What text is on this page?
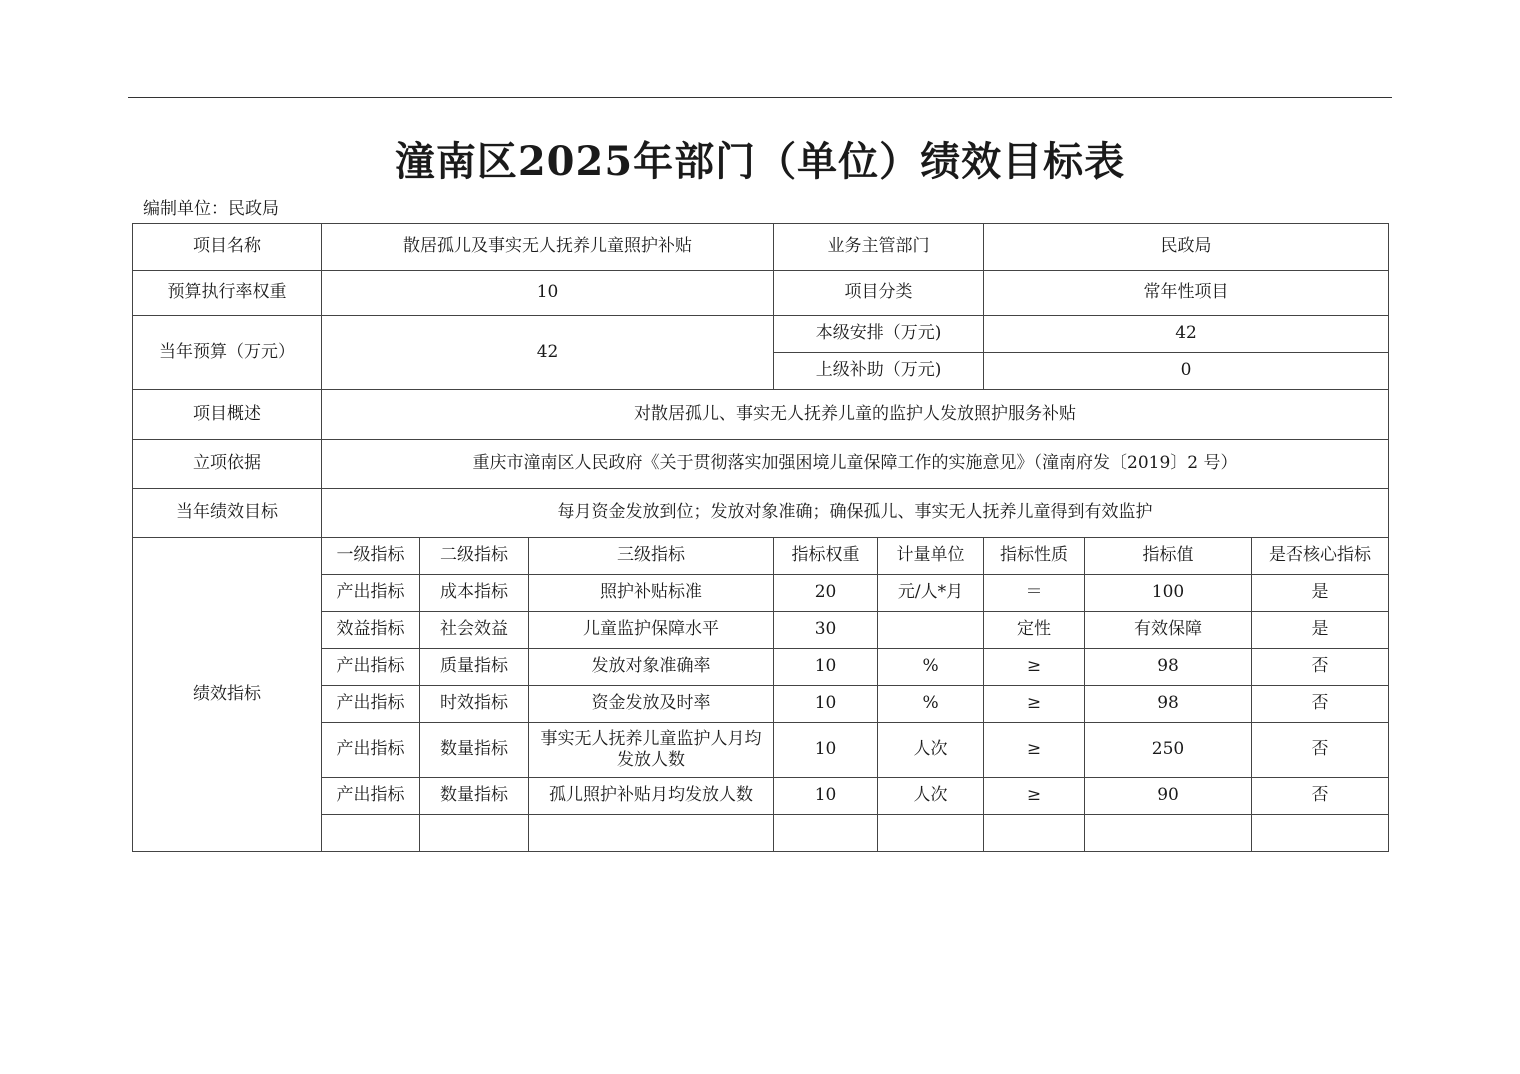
潼南区2025年部门（单位）绩效目标表
编制单位：民政局
项目名称	散居孤儿及事实无人抚养儿童照护补贴			业务主管部门		民政局		
预算执行率权重	10			项目分类		常年性项目		
当年预算（万元）	42			本级安排（万元)		42		
				上级补助（万元)		0		
项目概述	对散居孤儿、事实无人抚养儿童的监护人发放照护服务补贴							
立项依据	重庆市潼南区人民政府《关于贯彻落实加强困境儿童保障工作的实施意见》（潼南府发〔2019〕2 号）							
当年绩效目标	每月资金发放到位；发放对象准确；确保孤儿、事实无人抚养儿童得到有效监护							
绩效指标	一级指标	二级指标	三级指标	指标权重	计量单位	指标性质	指标值	是否核心指标
	产出指标	成本指标	照护补贴标准	20	元/人*月	＝	100	是
	效益指标	社会效益	儿童监护保障水平	30		定性	有效保障	是
	产出指标	质量指标	发放对象准确率	10	%	≥	98	否
	产出指标	时效指标	资金发放及时率	10	%	≥	98	否
	产出指标	数量指标	事实无人抚养儿童监护人月均发放人数	10	人次	≥	250	否
	产出指标	数量指标	孤儿照护补贴月均发放人数	10	人次	≥	90	否
